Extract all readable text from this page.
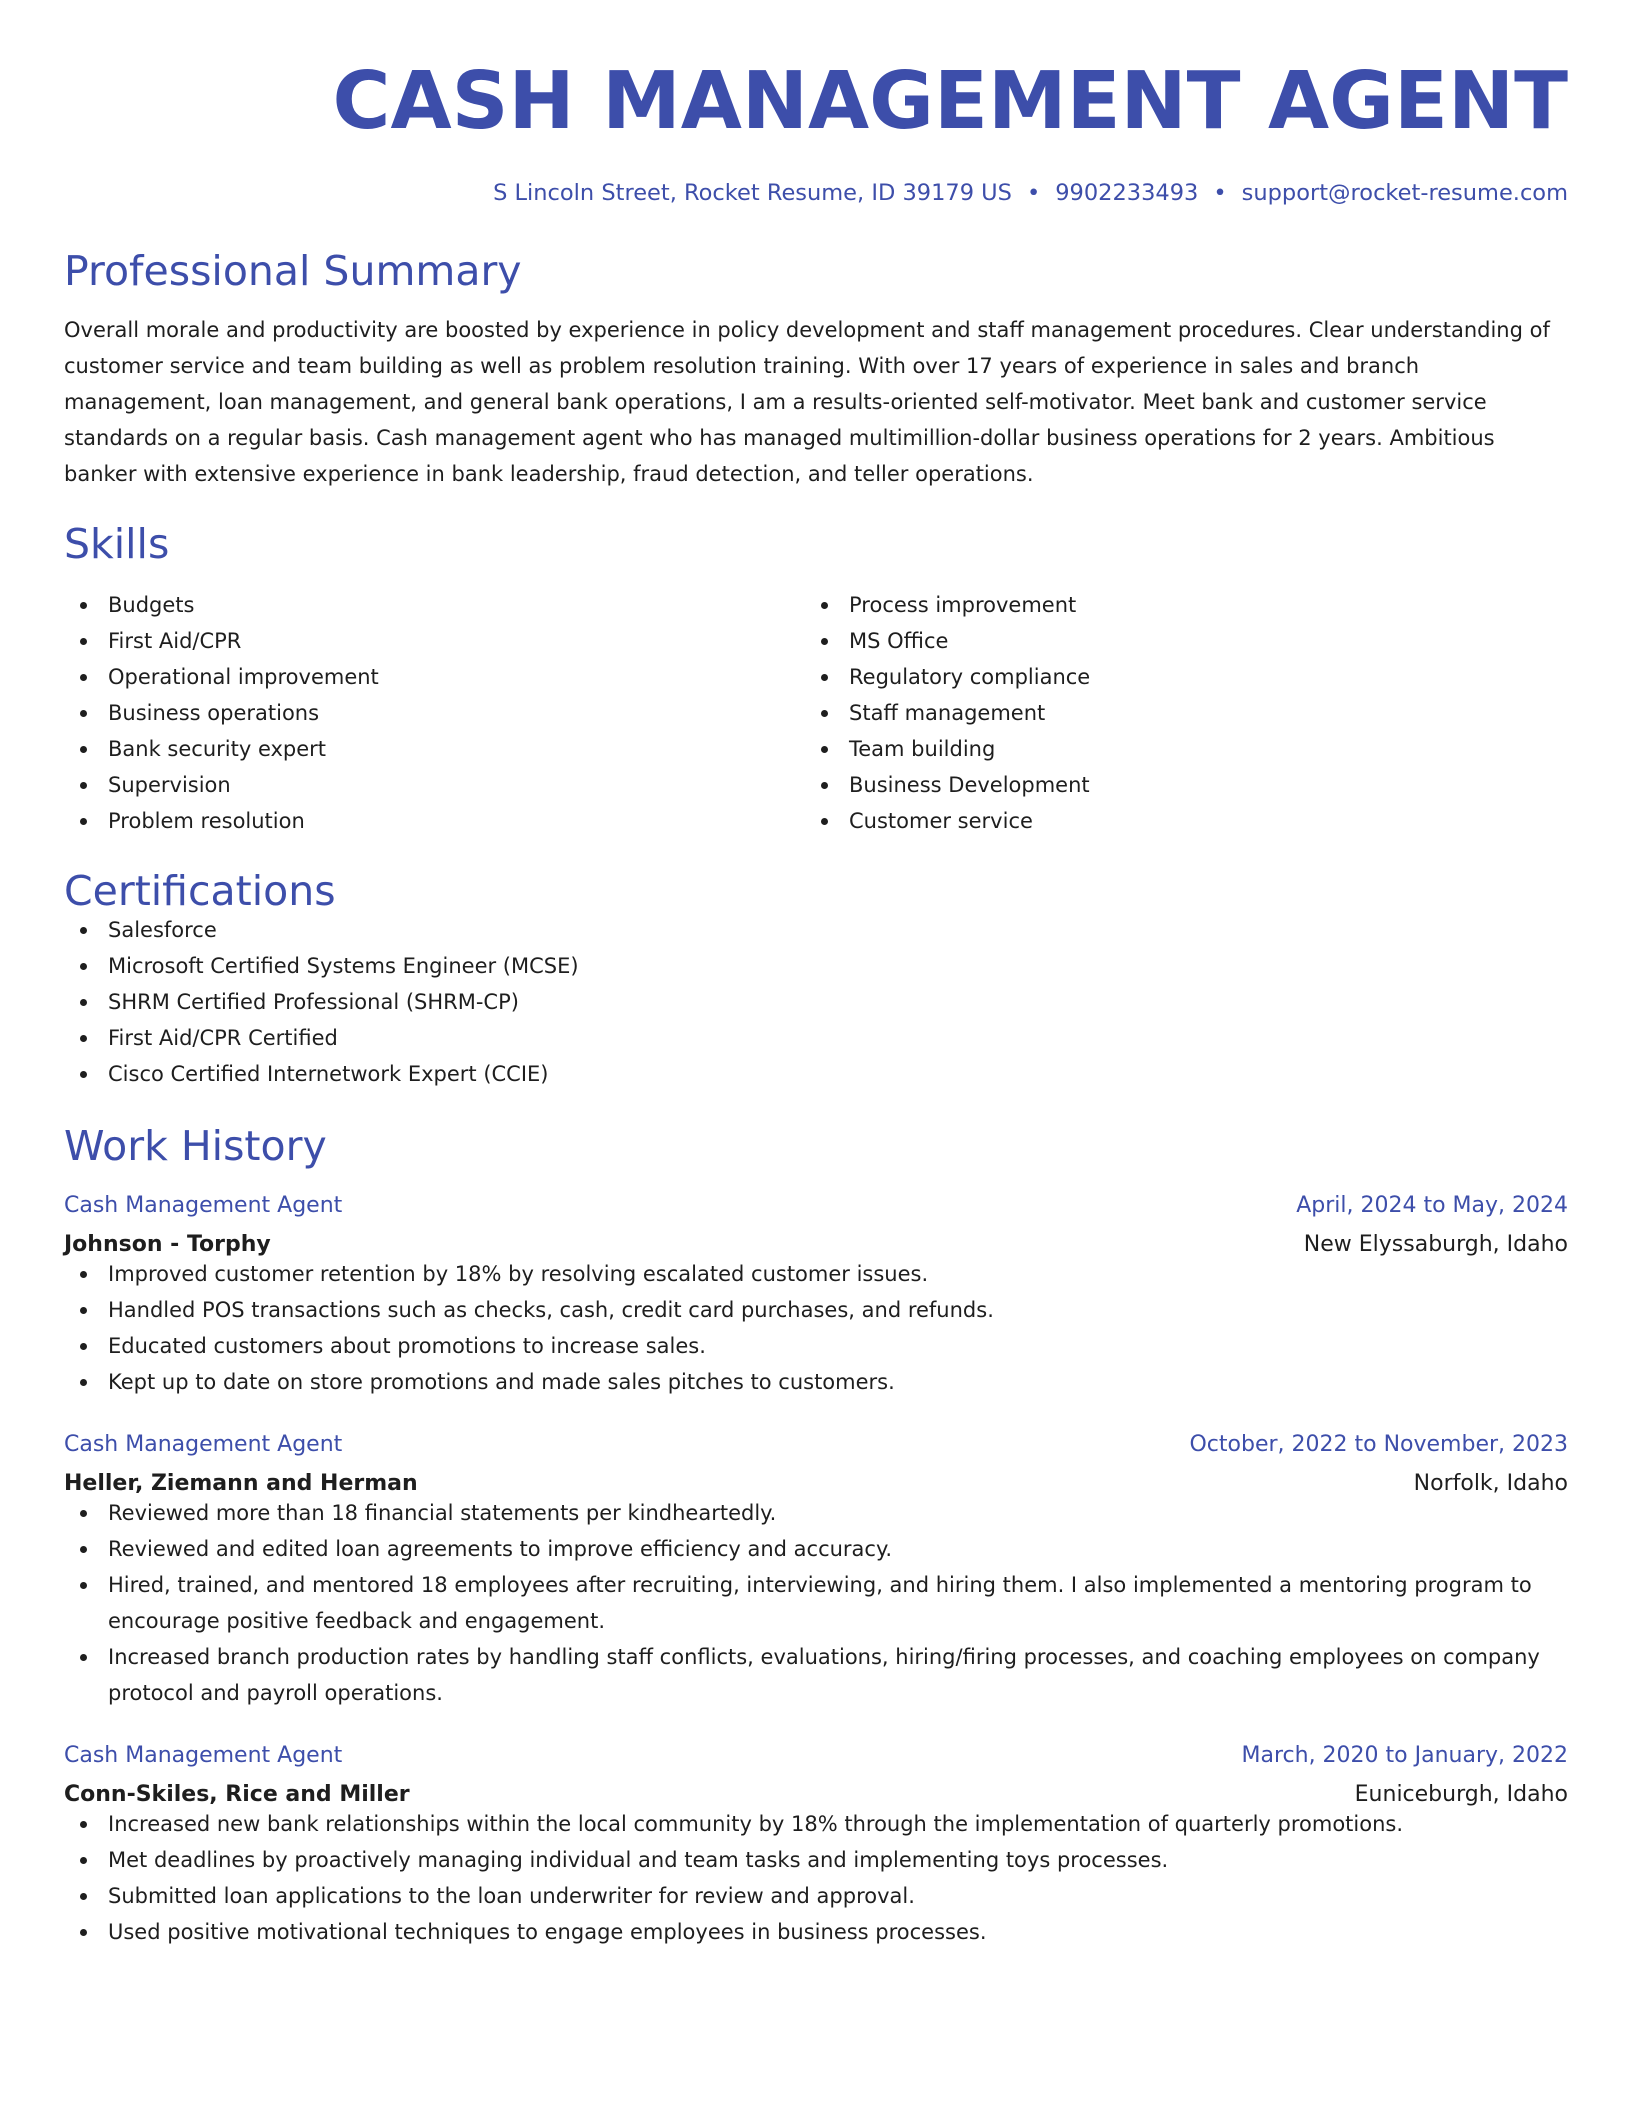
CASH MANAGEMENT AGENT
S Lincoln Street, Rocket Resume, ID 39179 US • 9902233493 • support@rocket-resume.com
Professional Summary

Overall morale and productivity are boosted by experience in policy development and staff management procedures. Clear understanding of customer service and team building as well as problem resolution training. With over 17 years of experience in sales and branch management, loan management, and general bank operations, I am a results-oriented self-motivator. Meet bank and customer service standards on a regular basis. Cash management agent who has managed multimillion-dollar business operations for 2 years. Ambitious banker with extensive experience in bank leadership, fraud detection, and teller operations.

Skills
Budgets
First Aid/CPR
Operational improvement
Business operations
Bank security expert
Supervision
Problem resolution
Process improvement
MS Office
Regulatory compliance
Staff management
Team building
Business Development
Customer service
Certifications
Salesforce
Microsoft Certified Systems Engineer (MCSE)
SHRM Certified Professional (SHRM-CP)
First Aid/CPR Certified
Cisco Certified Internetwork Expert (CCIE)
Work History
Cash Management Agent	April, 2024 to May, 2024
Johnson - Torphy	New Elyssaburgh, Idaho
Improved customer retention by 18% by resolving escalated customer issues.
Handled POS transactions such as checks, cash, credit card purchases, and refunds.
Educated customers about promotions to increase sales.
Kept up to date on store promotions and made sales pitches to customers.
Cash Management Agent	October, 2022 to November, 2023
Heller, Ziemann and Herman	Norfolk, Idaho
Reviewed more than 18 financial statements per kindheartedly.
Reviewed and edited loan agreements to improve efficiency and accuracy.
Hired, trained, and mentored 18 employees after recruiting, interviewing, and hiring them. I also implemented a mentoring program to encourage positive feedback and engagement.
Increased branch production rates by handling staff conflicts, evaluations, hiring/firing processes, and coaching employees on company protocol and payroll operations.
Cash Management Agent	March, 2020 to January, 2022
Conn-Skiles, Rice and Miller	Euniceburgh, Idaho
Increased new bank relationships within the local community by 18% through the implementation of quarterly promotions.
Met deadlines by proactively managing individual and team tasks and implementing toys processes.
Submitted loan applications to the loan underwriter for review and approval.
Used positive motivational techniques to engage employees in business processes.
